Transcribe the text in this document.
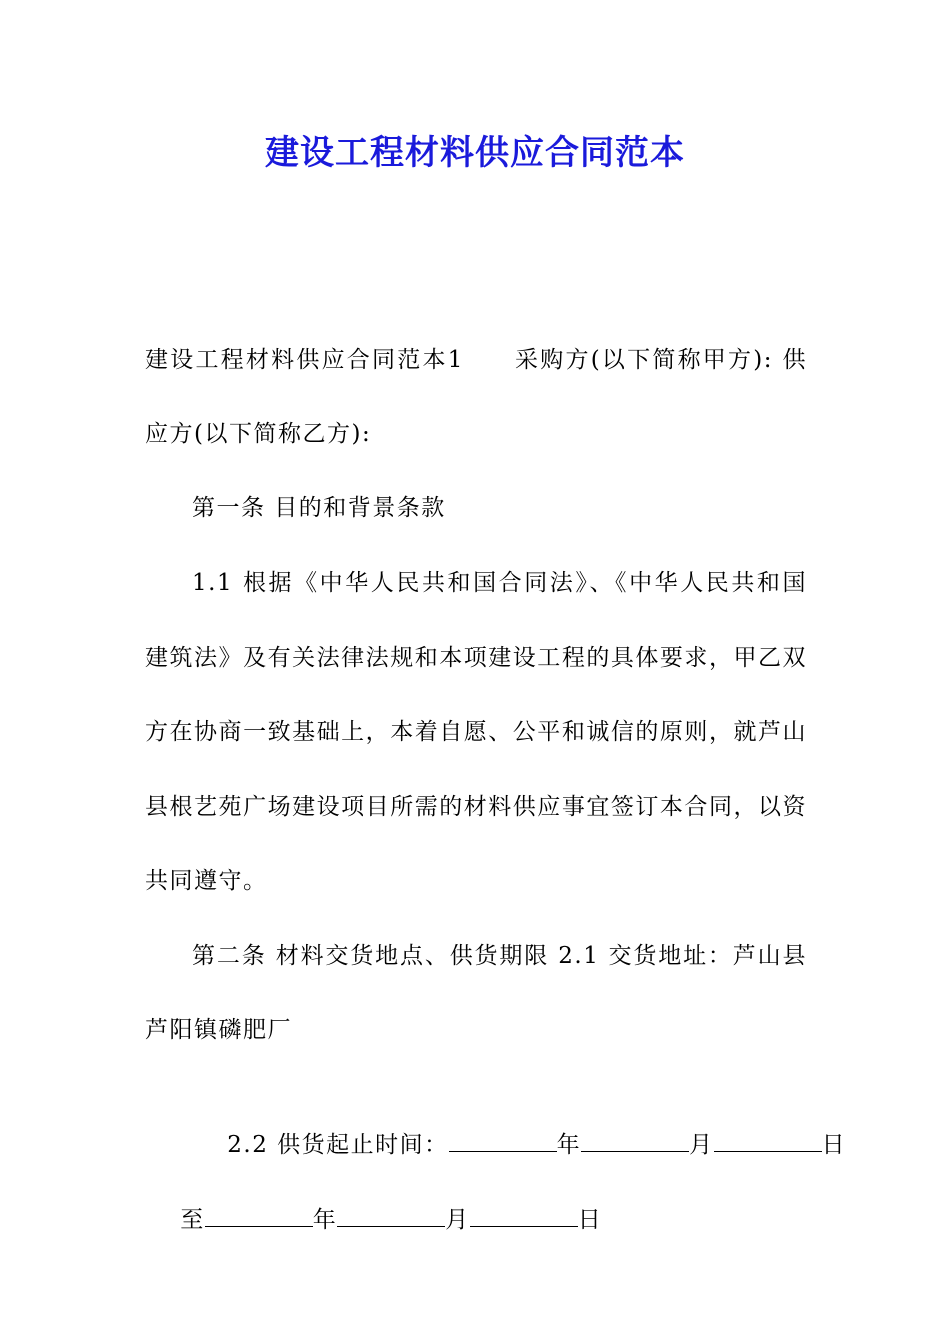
建设工程材料供应合同范本
建设工程材料供应合同范本1　　采购方(以下简称甲方): 供
应方(以下简称乙方):
第一条 目的和背景条款
1.1 根据《中华人民共和国合同法》、《中华人民共和国
建筑法》及有关法律法规和本项建设工程的具体要求，甲乙双
方在协商一致基础上，本着自愿、公平和诚信的原则，就芦山
县根艺苑广场建设项目所需的材料供应事宜签订本合同，以资
共同遵守。
第二条 材料交货地点、供货期限 2.1 交货地址：芦山县
芦阳镇磷肥厂

2.2 供货起止时间：	年	月	日

至	年	月	日
